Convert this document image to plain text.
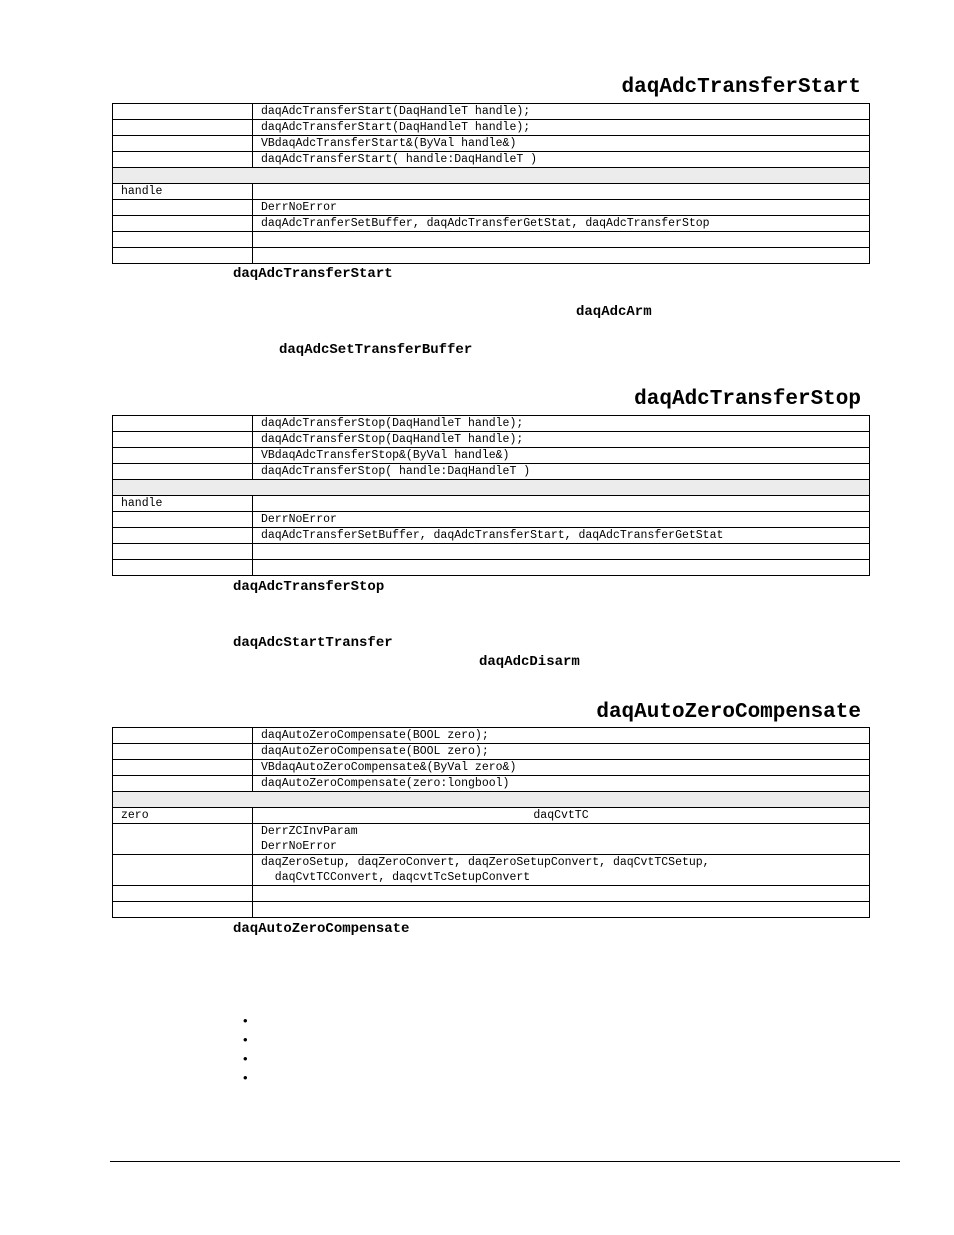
daqAdcTransferStart
	daqAdcTransferStart(DaqHandleT handle);
	daqAdcTransferStart(DaqHandleT handle);
	VBdaqAdcTransferStart&(ByVal handle&)
	daqAdcTransferStart( handle:DaqHandleT )

handle	
	DerrNoError
	daqAdcTranferSetBuffer, daqAdcTransferGetStat, daqAdcTransferStop

daqAdcTransferStart
daqAdcArm
daqAdcSetTransferBuffer
daqAdcTransferStop
	daqAdcTransferStop(DaqHandleT handle);
	daqAdcTransferStop(DaqHandleT handle);
	VBdaqAdcTransferStop&(ByVal handle&)
	daqAdcTransferStop( handle:DaqHandleT )

handle	
	DerrNoError
	daqAdcTransferSetBuffer, daqAdcTransferStart, daqAdcTransferGetStat

daqAdcTransferStop
daqAdcStartTransfer
daqAdcDisarm
daqAutoZeroCompensate
	daqAutoZeroCompensate(BOOL zero);
	daqAutoZeroCompensate(BOOL zero);
	VBdaqAutoZeroCompensate&(ByVal zero&)
	daqAutoZeroCompensate(zero:longbool)

zero	daqCvtTC
	DerrZCInvParam
DerrNoError
	daqZeroSetup, daqZeroConvert, daqZeroSetupConvert, daqCvtTCSetup,
daqCvtTCConvert, daqcvtTcSetupConvert

daqAutoZeroCompensate
•
•
•
•
